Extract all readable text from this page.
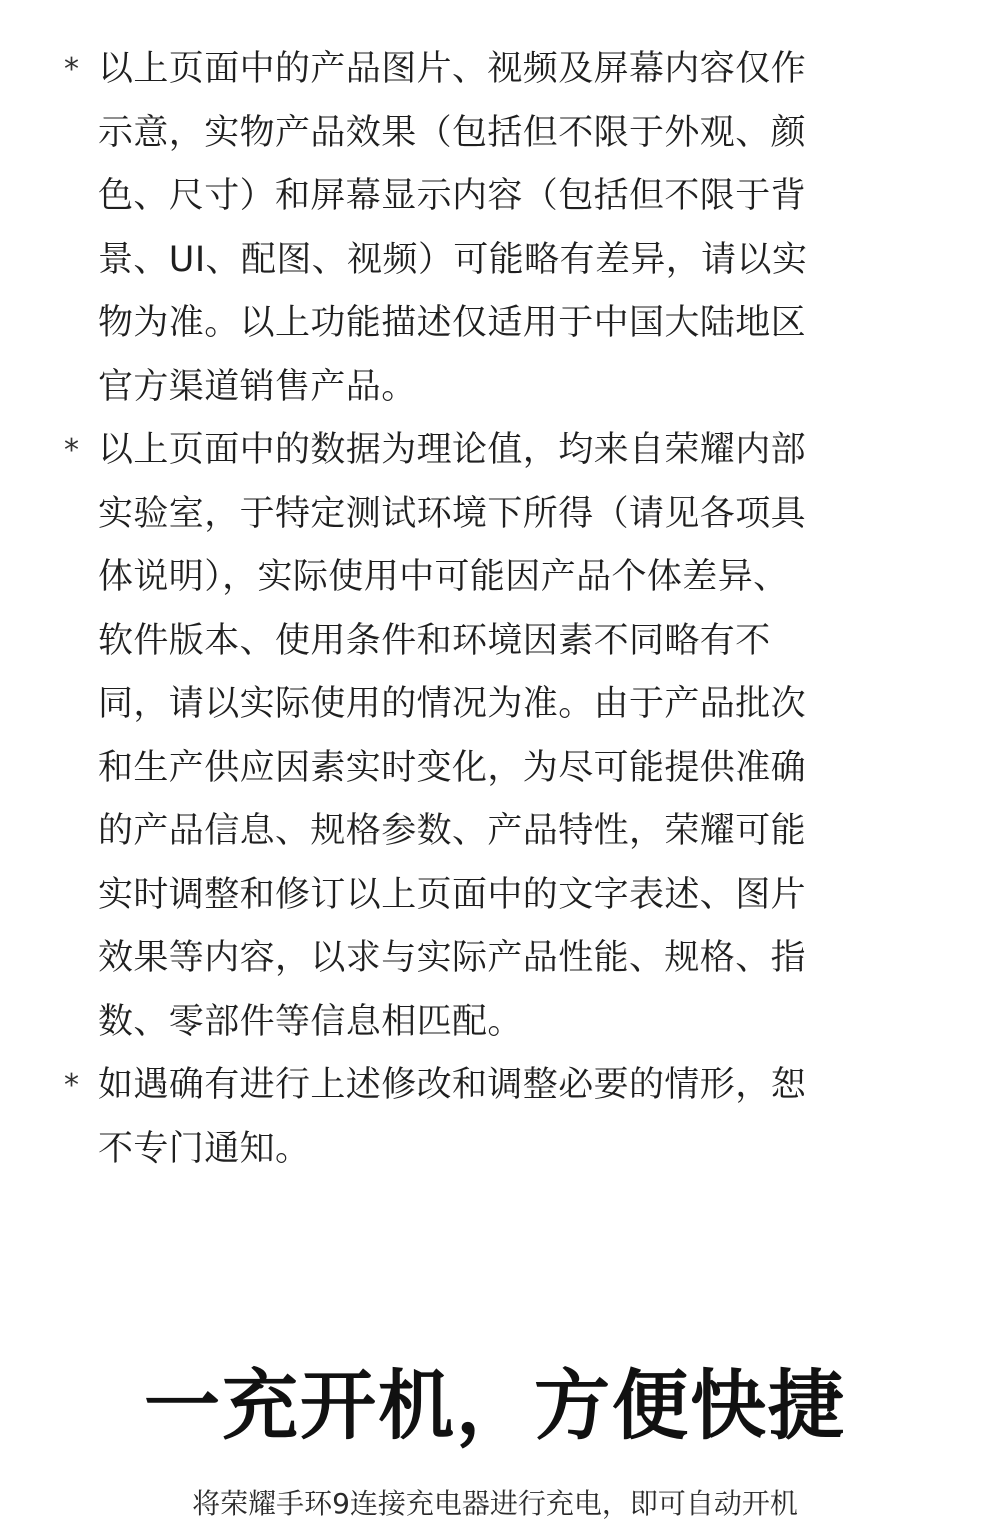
* 以上页面中的产品图片、视频及屏幕内容仅作
示意，实物产品效果（包括但不限于外观、颜
色、尺寸）和屏幕显示内容（包括但不限于背
景、UI、配图、视频）可能略有差异，请以实
物为准。以上功能描述仅适用于中国大陆地区
官方渠道销售产品。
* 以上页面中的数据为理论值，均来自荣耀内部
实验室，于特定测试环境下所得（请见各项具
体说明），实际使用中可能因产品个体差异、
软件版本、使用条件和环境因素不同略有不
同，请以实际使用的情况为准。由于产品批次
和生产供应因素实时变化，为尽可能提供准确
的产品信息、规格参数、产品特性，荣耀可能
实时调整和修订以上页面中的文字表述、图片
效果等内容，以求与实际产品性能、规格、指
数、零部件等信息相匹配。
* 如遇确有进行上述修改和调整必要的情形，恕
不专门通知。
一充开机，方便快捷
将荣耀手环9连接充电器进行充电，即可自动开机
